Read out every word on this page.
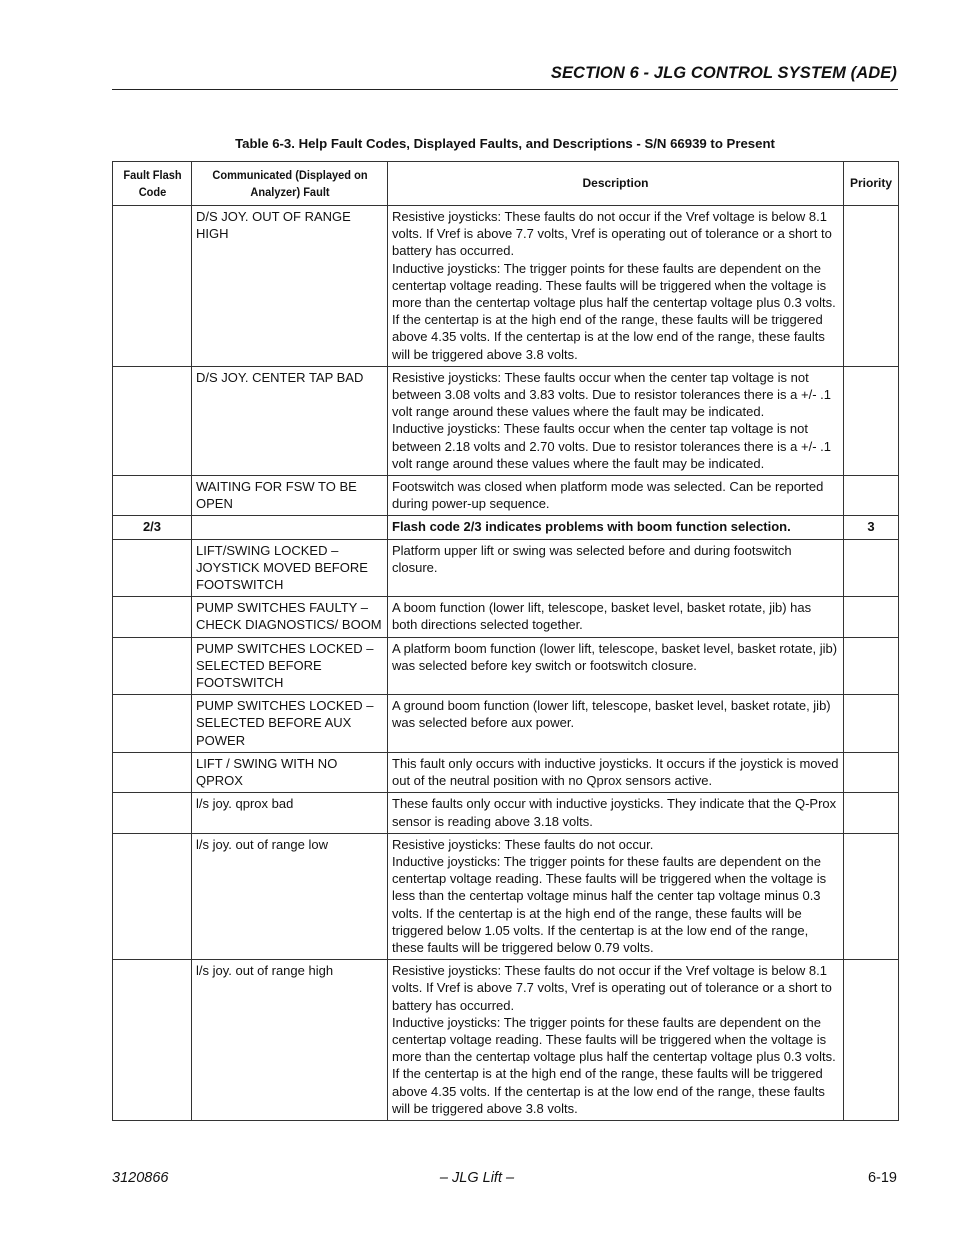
SECTION 6 - JLG CONTROL SYSTEM (ADE)
Table 6-3. Help Fault Codes, Displayed Faults, and Descriptions - S/N 66939 to Present
Fault Flash Code	Communicated (Displayed on Analyzer) Fault	Description	Priority
	D/S JOY. OUT OF RANGE HIGH	Resistive joysticks: These faults do not occur if the Vref voltage is below 8.1 volts. If Vref is above 7.7 volts, Vref is operating out of tolerance or a short to battery has occurred.
Inductive joysticks: The trigger points for these faults are dependent on the centertap voltage reading. These faults will be triggered when the voltage is more than the centertap voltage plus half the centertap voltage plus 0.3 volts. If the centertap is at the high end of the range, these faults will be triggered above 4.35 volts. If the centertap is at the low end of the range, these faults will be triggered above 3.8 volts.	

	D/S JOY. CENTER TAP BAD	Resistive joysticks: These faults occur when the center tap voltage is not between 3.08 volts and 3.83 volts. Due to resistor tolerances there is a +/- .1 volt range around these values where the fault may be indicated.
Inductive joysticks: These faults occur when the center tap voltage is not between 2.18 volts and 2.70 volts. Due to resistor tolerances there is a +/- .1 volt range around these values where the fault may be indicated.	

	WAITING FOR FSW TO BE OPEN	Footswitch was closed when platform mode was selected. Can be reported during power-up sequence.	

2/3		Flash code 2/3 indicates problems with boom function selection.	3
	LIFT/SWING LOCKED – JOYSTICK MOVED BEFORE FOOTSWITCH	Platform upper lift or swing was selected before and during footswitch closure.	

	PUMP SWITCHES FAULTY – CHECK DIAGNOSTICS/ BOOM	A boom function (lower lift, telescope, basket level, basket rotate, jib) has both directions selected together.	

	PUMP SWITCHES LOCKED – SELECTED BEFORE FOOTSWITCH	A platform boom function (lower lift, telescope, basket level, basket rotate, jib) was selected before key switch or footswitch closure.	

	PUMP SWITCHES LOCKED – SELECTED BEFORE AUX POWER	A ground boom function (lower lift, telescope, basket level, basket rotate, jib) was selected before aux power.	

	LIFT / SWING WITH NO QPROX	This fault only occurs with inductive joysticks. It occurs if the joystick is moved out of the neutral position with no Qprox sensors active.	

	l/s joy. qprox bad	These faults only occur with inductive joysticks. They indicate that the Q-Prox sensor is reading above 3.18 volts.	

	l/s joy. out of range low	Resistive joysticks: These faults do not occur.
Inductive joysticks: The trigger points for these faults are dependent on the centertap voltage reading. These faults will be triggered when the voltage is less than the centertap voltage minus half the center tap voltage minus 0.3 volts. If the centertap is at the high end of the range, these faults will be triggered below 1.05 volts. If the centertap is at the low end of the range, these faults will be triggered below 0.79 volts.	

	l/s joy. out of range high	Resistive joysticks: These faults do not occur if the Vref voltage is below 8.1 volts. If Vref is above 7.7 volts, Vref is operating out of tolerance or a short to battery has occurred.
Inductive joysticks: The trigger points for these faults are dependent on the centertap voltage reading. These faults will be triggered when the voltage is more than the centertap voltage plus half the centertap voltage plus 0.3 volts. If the centertap is at the high end of the range, these faults will be triggered above 4.35 volts. If the centertap is at the low end of the range, these faults will be triggered above 3.8 volts.	

3120866	– JLG Lift –	6-19
